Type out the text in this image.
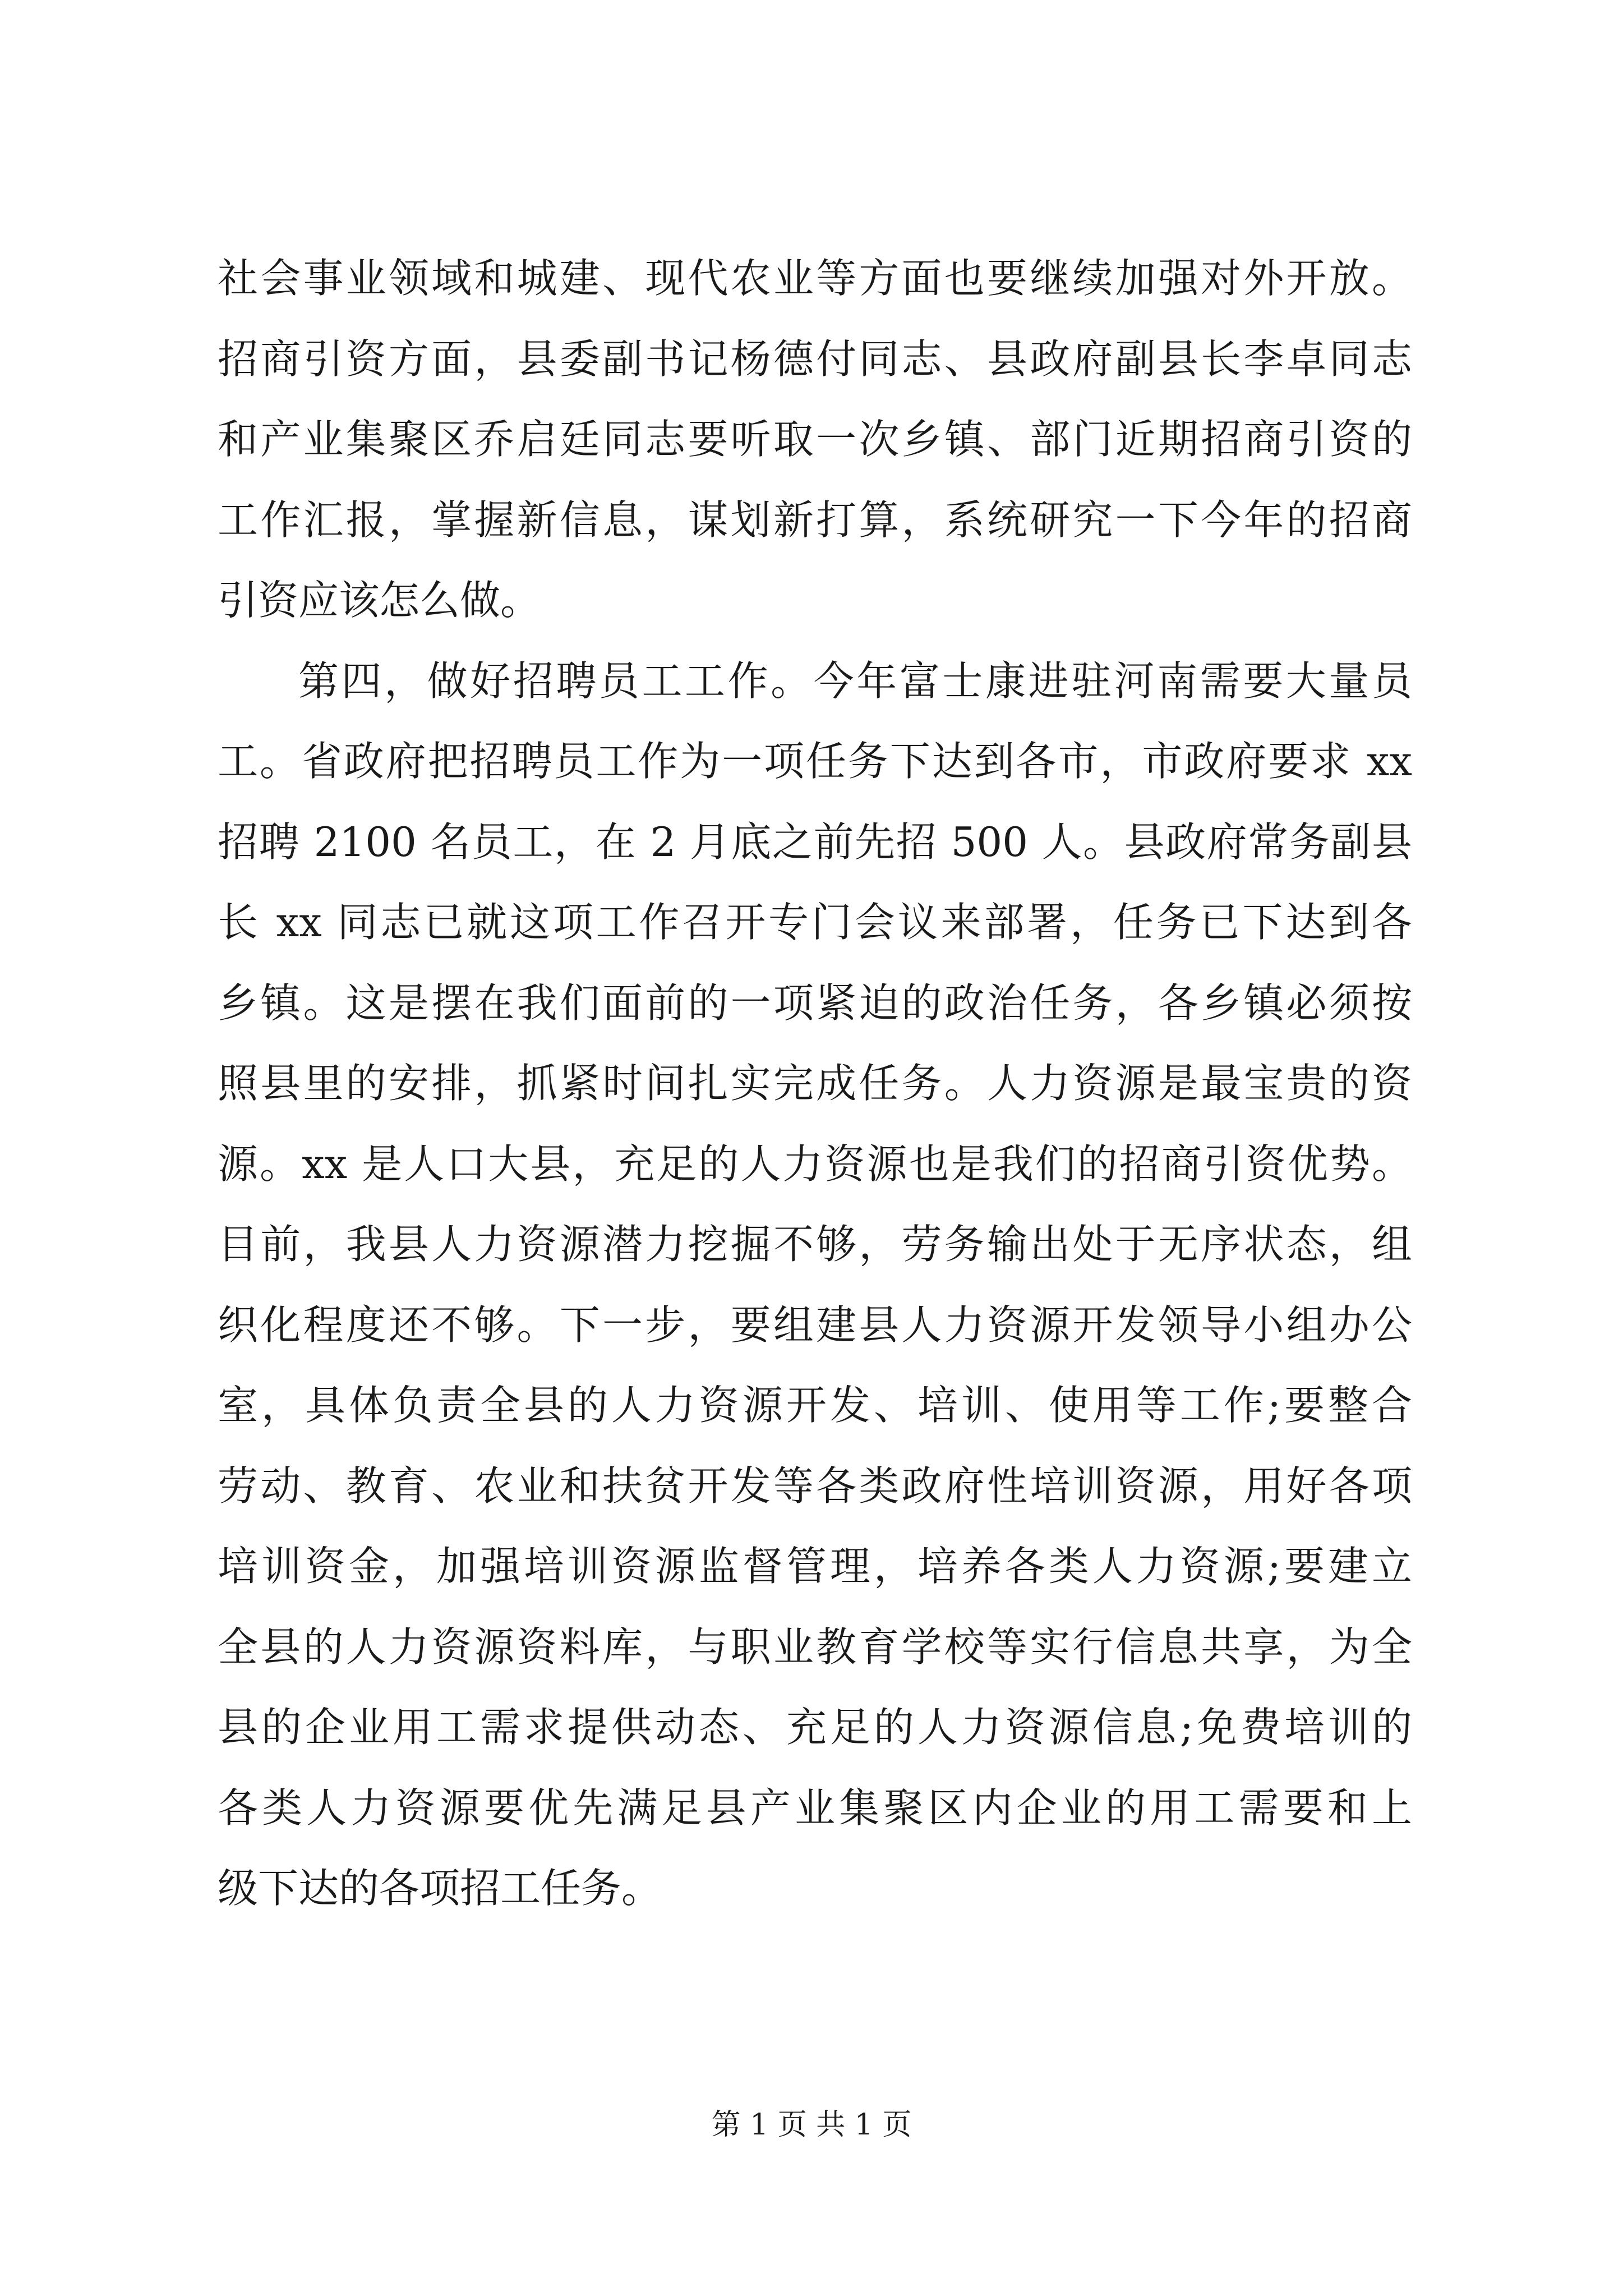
社会事业领域和城建、现代农业等方面也要继续加强对外开放。
招商引资方面，县委副书记杨德付同志、县政府副县长李卓同志
和产业集聚区乔启廷同志要听取一次乡镇、部门近期招商引资的
工作汇报，掌握新信息，谋划新打算，系统研究一下今年的招商
引资应该怎么做。
第四，做好招聘员工工作。今年富士康进驻河南需要大量员
工。省政府把招聘员工作为一项任务下达到各市，市政府要求 xx
招聘 2100 名员工，在 2 月底之前先招 500 人。县政府常务副县
长 xx 同志已就这项工作召开专门会议来部署，任务已下达到各
乡镇。这是摆在我们面前的一项紧迫的政治任务，各乡镇必须按
照县里的安排，抓紧时间扎实完成任务。人力资源是最宝贵的资
源。xx 是人口大县，充足的人力资源也是我们的招商引资优势。
目前，我县人力资源潜力挖掘不够，劳务输出处于无序状态，组
织化程度还不够。下一步，要组建县人力资源开发领导小组办公
室，具体负责全县的人力资源开发、培训、使用等工作;要整合
劳动、教育、农业和扶贫开发等各类政府性培训资源，用好各项
培训资金，加强培训资源监督管理，培养各类人力资源;要建立
全县的人力资源资料库，与职业教育学校等实行信息共享，为全
县的企业用工需求提供动态、充足的人力资源信息;免费培训的
各类人力资源要优先满足县产业集聚区内企业的用工需要和上
级下达的各项招工任务。
第 1 页 共 1 页
